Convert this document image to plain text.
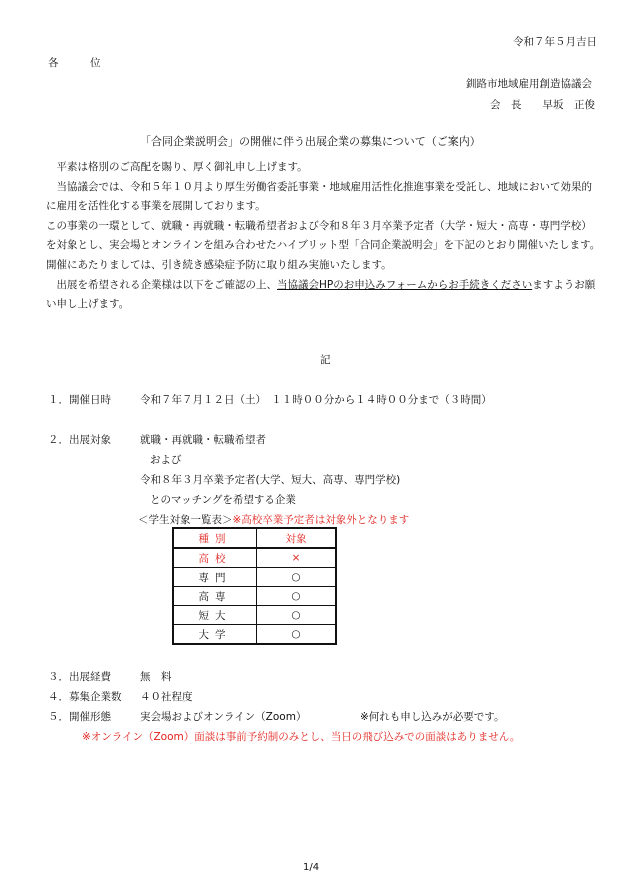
令和７年５月吉日
各　　　位
釧路市地域雇用創造協議会
会　長　　早坂　正俊
「合同企業説明会」の開催に伴う出展企業の募集について（ご案内）

　平素は格別のご高配を賜り、厚く御礼申し上げます。

　当協議会では、令和５年１０月より厚生労働省委託事業・地域雇用活性化推進事業を受託し、地域において効果的に雇用を活性化する事業を展開しております。

この事業の一環として、就職・再就職・転職希望者および令和８年３月卒業予定者（大学・短大・高専・専門学校）を対象とし、実会場とオンラインを組み合わせたハイブリット型「合同企業説明会」を下記のとおり開催いたします。開催にあたりましては、引き続き感染症予防に取り組み実施いたします。

　出展を希望される企業様は以下をご確認の上、当協議会HPのお申込みフォームからお手続きくださいますようお願い申し上げます。

記
１．開催日時	令和７年７月１２日（土）　１１時００分から１４時００分まで（３時間）
２．出展対象	就職・再就職・転職希望者
および
令和８年３月卒業予定者(大学、短大、高専、専門学校)
とのマッチングを希望する企業
＜学生対象一覧表＞※高校卒業予定者は対象外となります
種別	対象
高校	×
専門	○
高専	○
短大	○
大学	○
３．出展経費	無　料
４．募集企業数 ４０社程度
５．開催形態	実会場およびオンライン（Zoom）	※何れも申し込みが必要です。
※オンライン（Zoom）面談は事前予約制のみとし、当日の飛び込みでの面談はありません。
1/4
